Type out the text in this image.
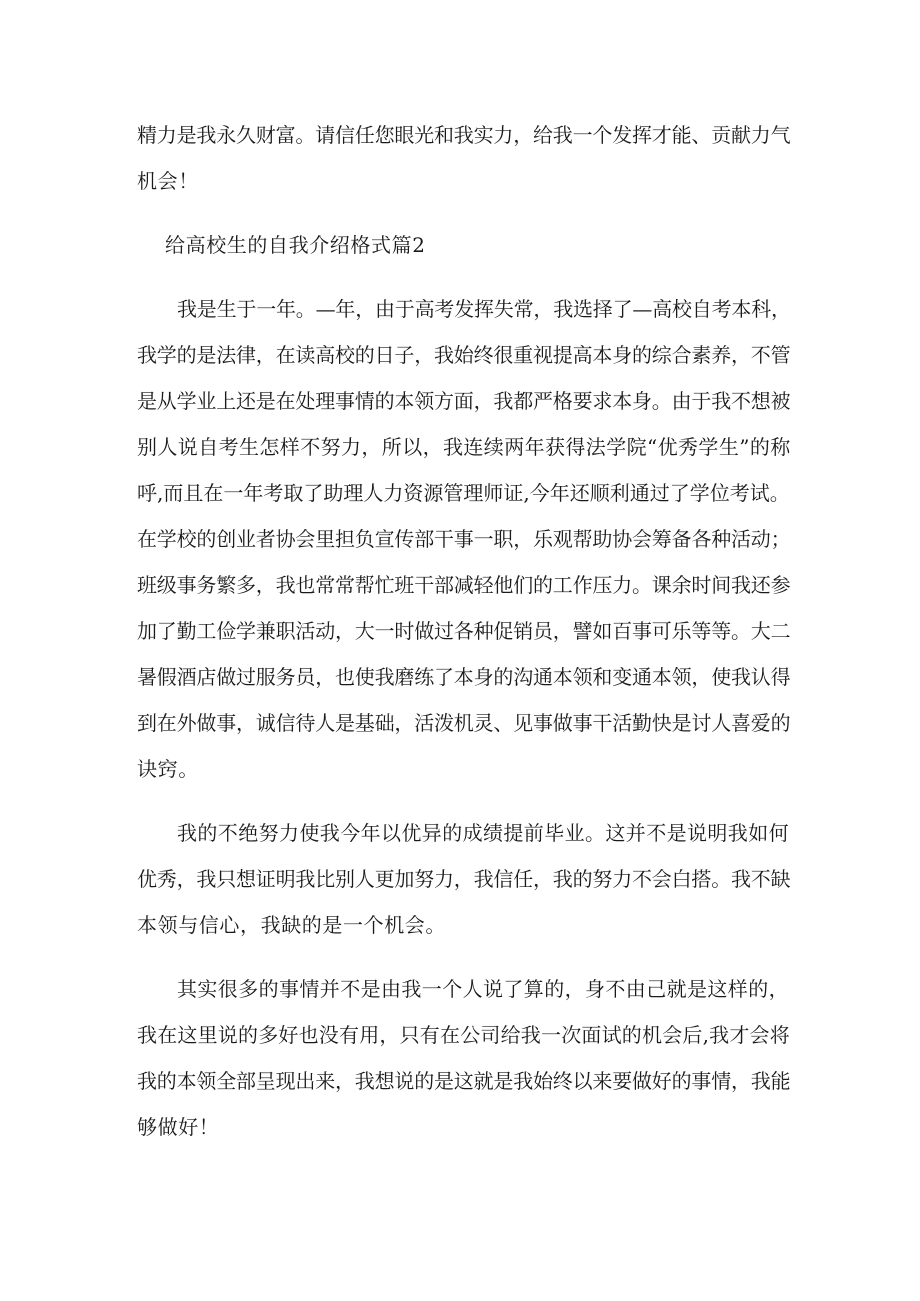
精力是我永久财富。请信任您眼光和我实力，给我一个发挥才能、贡献力气
机会！

给高校生的自我介绍格式篇2

我是生于一年。—年，由于高考发挥失常，我选择了—高校自考本科，
我学的是法律，在读高校的日子，我始终很重视提高本身的综合素养，不管
是从学业上还是在处理事情的本领方面，我都严格要求本身。由于我不想被
别人说自考生怎样不努力，所以，我连续两年获得法学院“优秀学生”的称
呼,而且在一年考取了助理人力资源管理师证,今年还顺利通过了学位考试。
在学校的创业者协会里担负宣传部干事一职，乐观帮助协会筹备各种活动；
班级事务繁多，我也常常帮忙班干部减轻他们的工作压力。课余时间我还参
加了勤工俭学兼职活动，大一时做过各种促销员，譬如百事可乐等等。大二
暑假酒店做过服务员，也使我磨练了本身的沟通本领和变通本领，使我认得
到在外做事，诚信待人是基础，活泼机灵、见事做事干活勤快是讨人喜爱的
诀窍。

我的不绝努力使我今年以优异的成绩提前毕业。这并不是说明我如何
优秀，我只想证明我比别人更加努力，我信任，我的努力不会白搭。我不缺
本领与信心，我缺的是一个机会。

其实很多的事情并不是由我一个人说了算的，身不由己就是这样的，
我在这里说的多好也没有用，只有在公司给我一次面试的机会后,我才会将
我的本领全部呈现出来，我想说的是这就是我始终以来要做好的事情，我能
够做好！
